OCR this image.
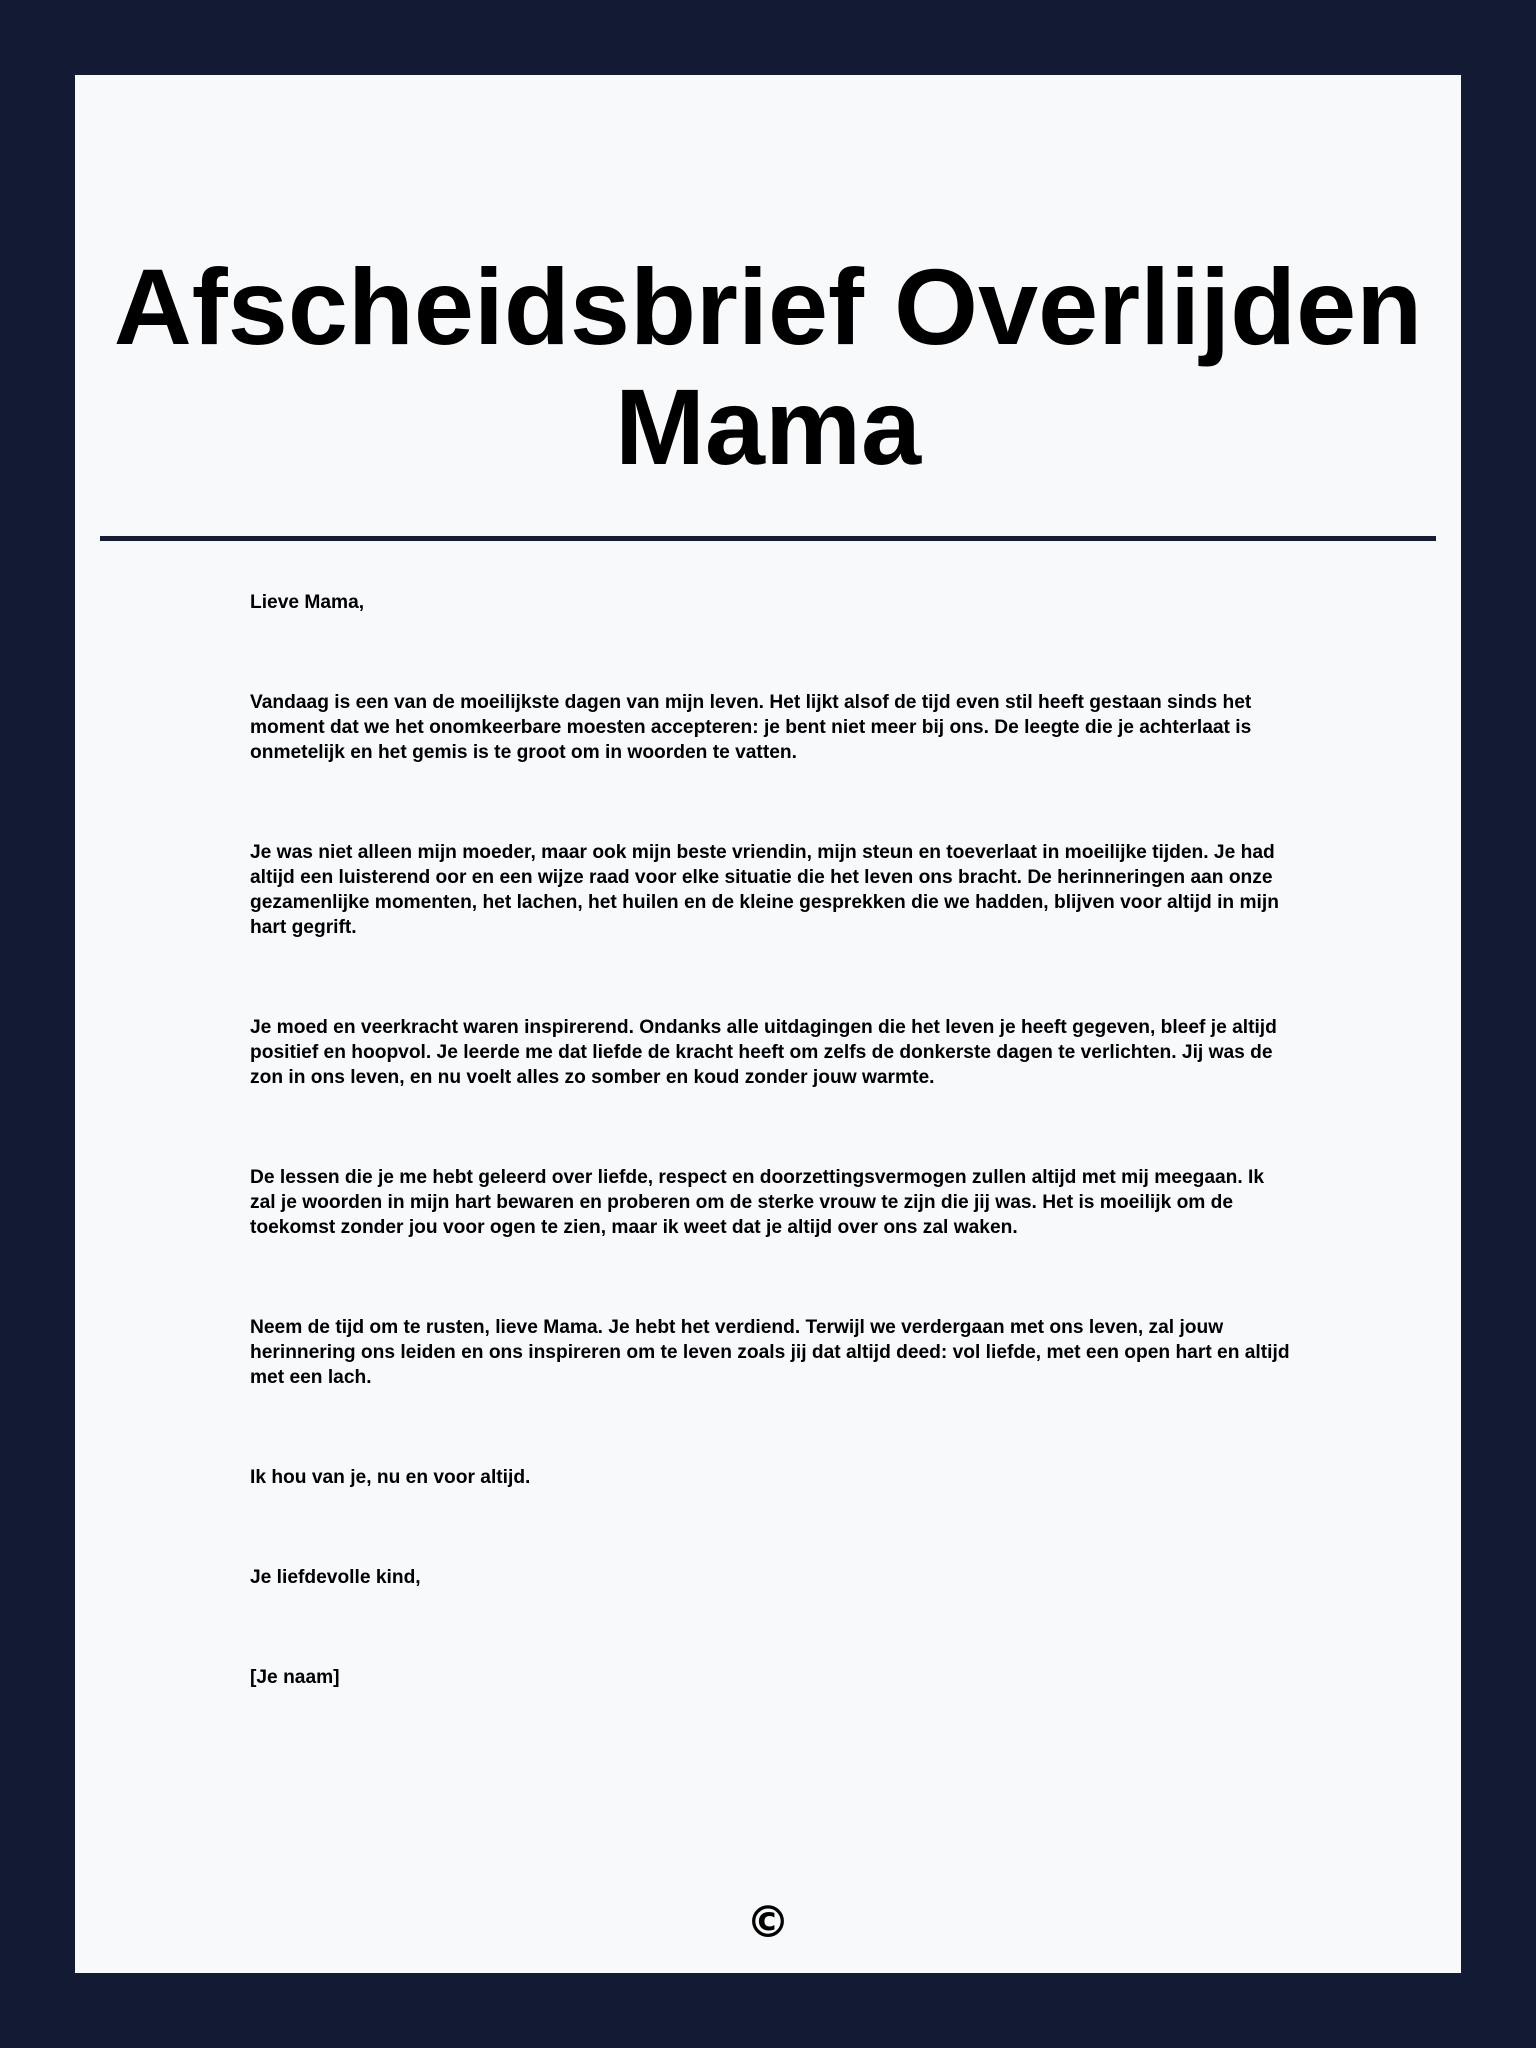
Afscheidsbrief Overlijden Mama

Lieve Mama,

Vandaag is een van de moeilijkste dagen van mijn leven. Het lijkt alsof de tijd even stil heeft gestaan sinds het moment dat we het onomkeerbare moesten accepteren: je bent niet meer bij ons. De leegte die je achterlaat is onmetelijk en het gemis is te groot om in woorden te vatten.

Je was niet alleen mijn moeder, maar ook mijn beste vriendin, mijn steun en toeverlaat in moeilijke tijden. Je had altijd een luisterend oor en een wijze raad voor elke situatie die het leven ons bracht. De herinneringen aan onze gezamenlijke momenten, het lachen, het huilen en de kleine gesprekken die we hadden, blijven voor altijd in mijn hart gegrift.

Je moed en veerkracht waren inspirerend. Ondanks alle uitdagingen die het leven je heeft gegeven, bleef je altijd positief en hoopvol. Je leerde me dat liefde de kracht heeft om zelfs de donkerste dagen te verlichten. Jij was de zon in ons leven, en nu voelt alles zo somber en koud zonder jouw warmte.

De lessen die je me hebt geleerd over liefde, respect en doorzettingsvermogen zullen altijd met mij meegaan. Ik zal je woorden in mijn hart bewaren en proberen om de sterke vrouw te zijn die jij was. Het is moeilijk om de toekomst zonder jou voor ogen te zien, maar ik weet dat je altijd over ons zal waken.

Neem de tijd om te rusten, lieve Mama. Je hebt het verdiend. Terwijl we verdergaan met ons leven, zal jouw herinnering ons leiden en ons inspireren om te leven zoals jij dat altijd deed: vol liefde, met een open hart en altijd met een lach.

Ik hou van je, nu en voor altijd.

Je liefdevolle kind,

[Je naam]

©
